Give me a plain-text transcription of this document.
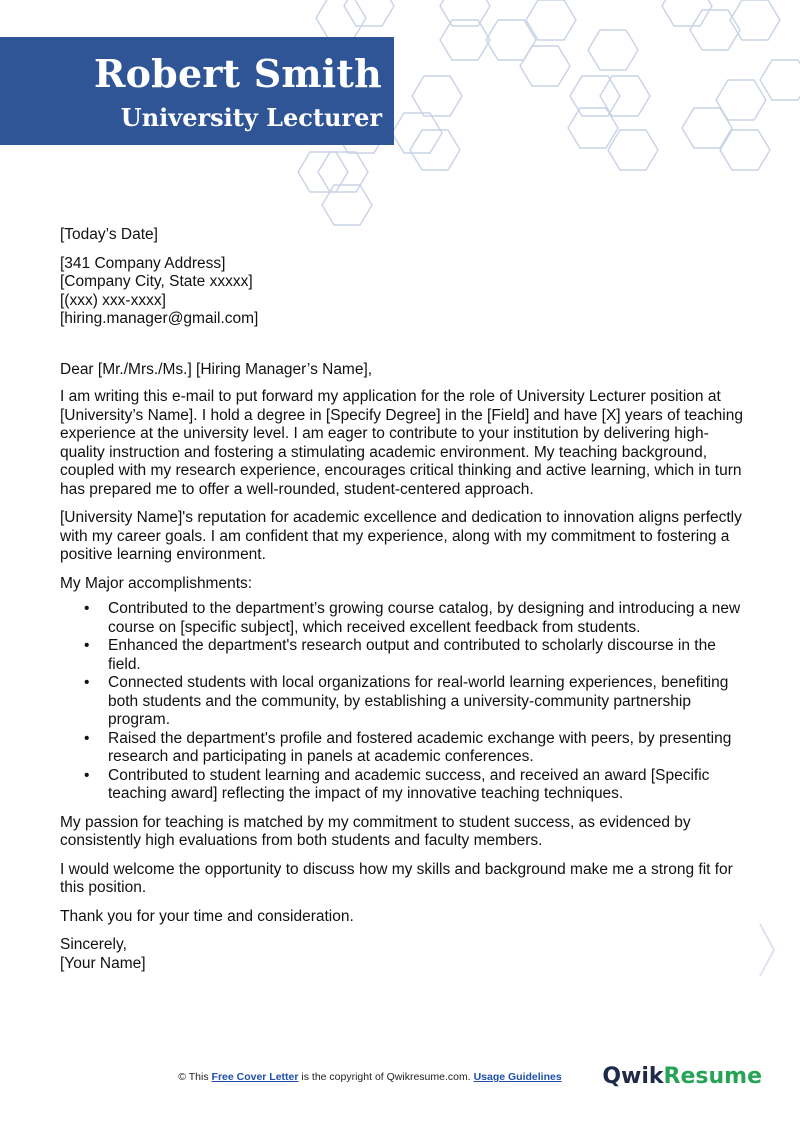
Robert Smith
University Lecturer

[Today’s Date]

[341 Company Address]

[Company City, State xxxxx]

[(xxx) xxx-xxxx]

[hiring.manager@gmail.com]

Dear [Mr./Mrs./Ms.] [Hiring Manager’s Name],

I am writing this e-mail to put forward my application for the role of University Lecturer position at [University’s Name]. I hold a degree in [Specify Degree] in the [Field] and have [X] years of teaching experience at the university level. I am eager to contribute to your institution by delivering high-quality instruction and fostering a stimulating academic environment. My teaching background, coupled with my research experience, encourages critical thinking and active learning, which in turn has prepared me to offer a well-rounded, student-centered approach.

[University Name]'s reputation for academic excellence and dedication to innovation aligns perfectly with my career goals. I am confident that my experience, along with my commitment to fostering a positive learning environment.

My Major accomplishments:

• Contributed to the department’s growing course catalog, by designing and introducing a new course on [specific subject], which received excellent feedback from students.
• Enhanced the department's research output and contributed to scholarly discourse in the field.
• Connected students with local organizations for real-world learning experiences, benefiting both students and the community, by establishing a university-community partnership program.
• Raised the department's profile and fostered academic exchange with peers, by presenting research and participating in panels at academic conferences.
• Contributed to student learning and academic success, and received an award [Specific teaching award] reflecting the impact of my innovative teaching techniques.

My passion for teaching is matched by my commitment to student success, as evidenced by consistently high evaluations from both students and faculty members.

I would welcome the opportunity to discuss how my skills and background make me a strong fit for this position.

Thank you for your time and consideration.

Sincerely,

[Your Name]

© This Free Cover Letter is the copyright of Qwikresume.com. Usage Guidelines	QwikResume
